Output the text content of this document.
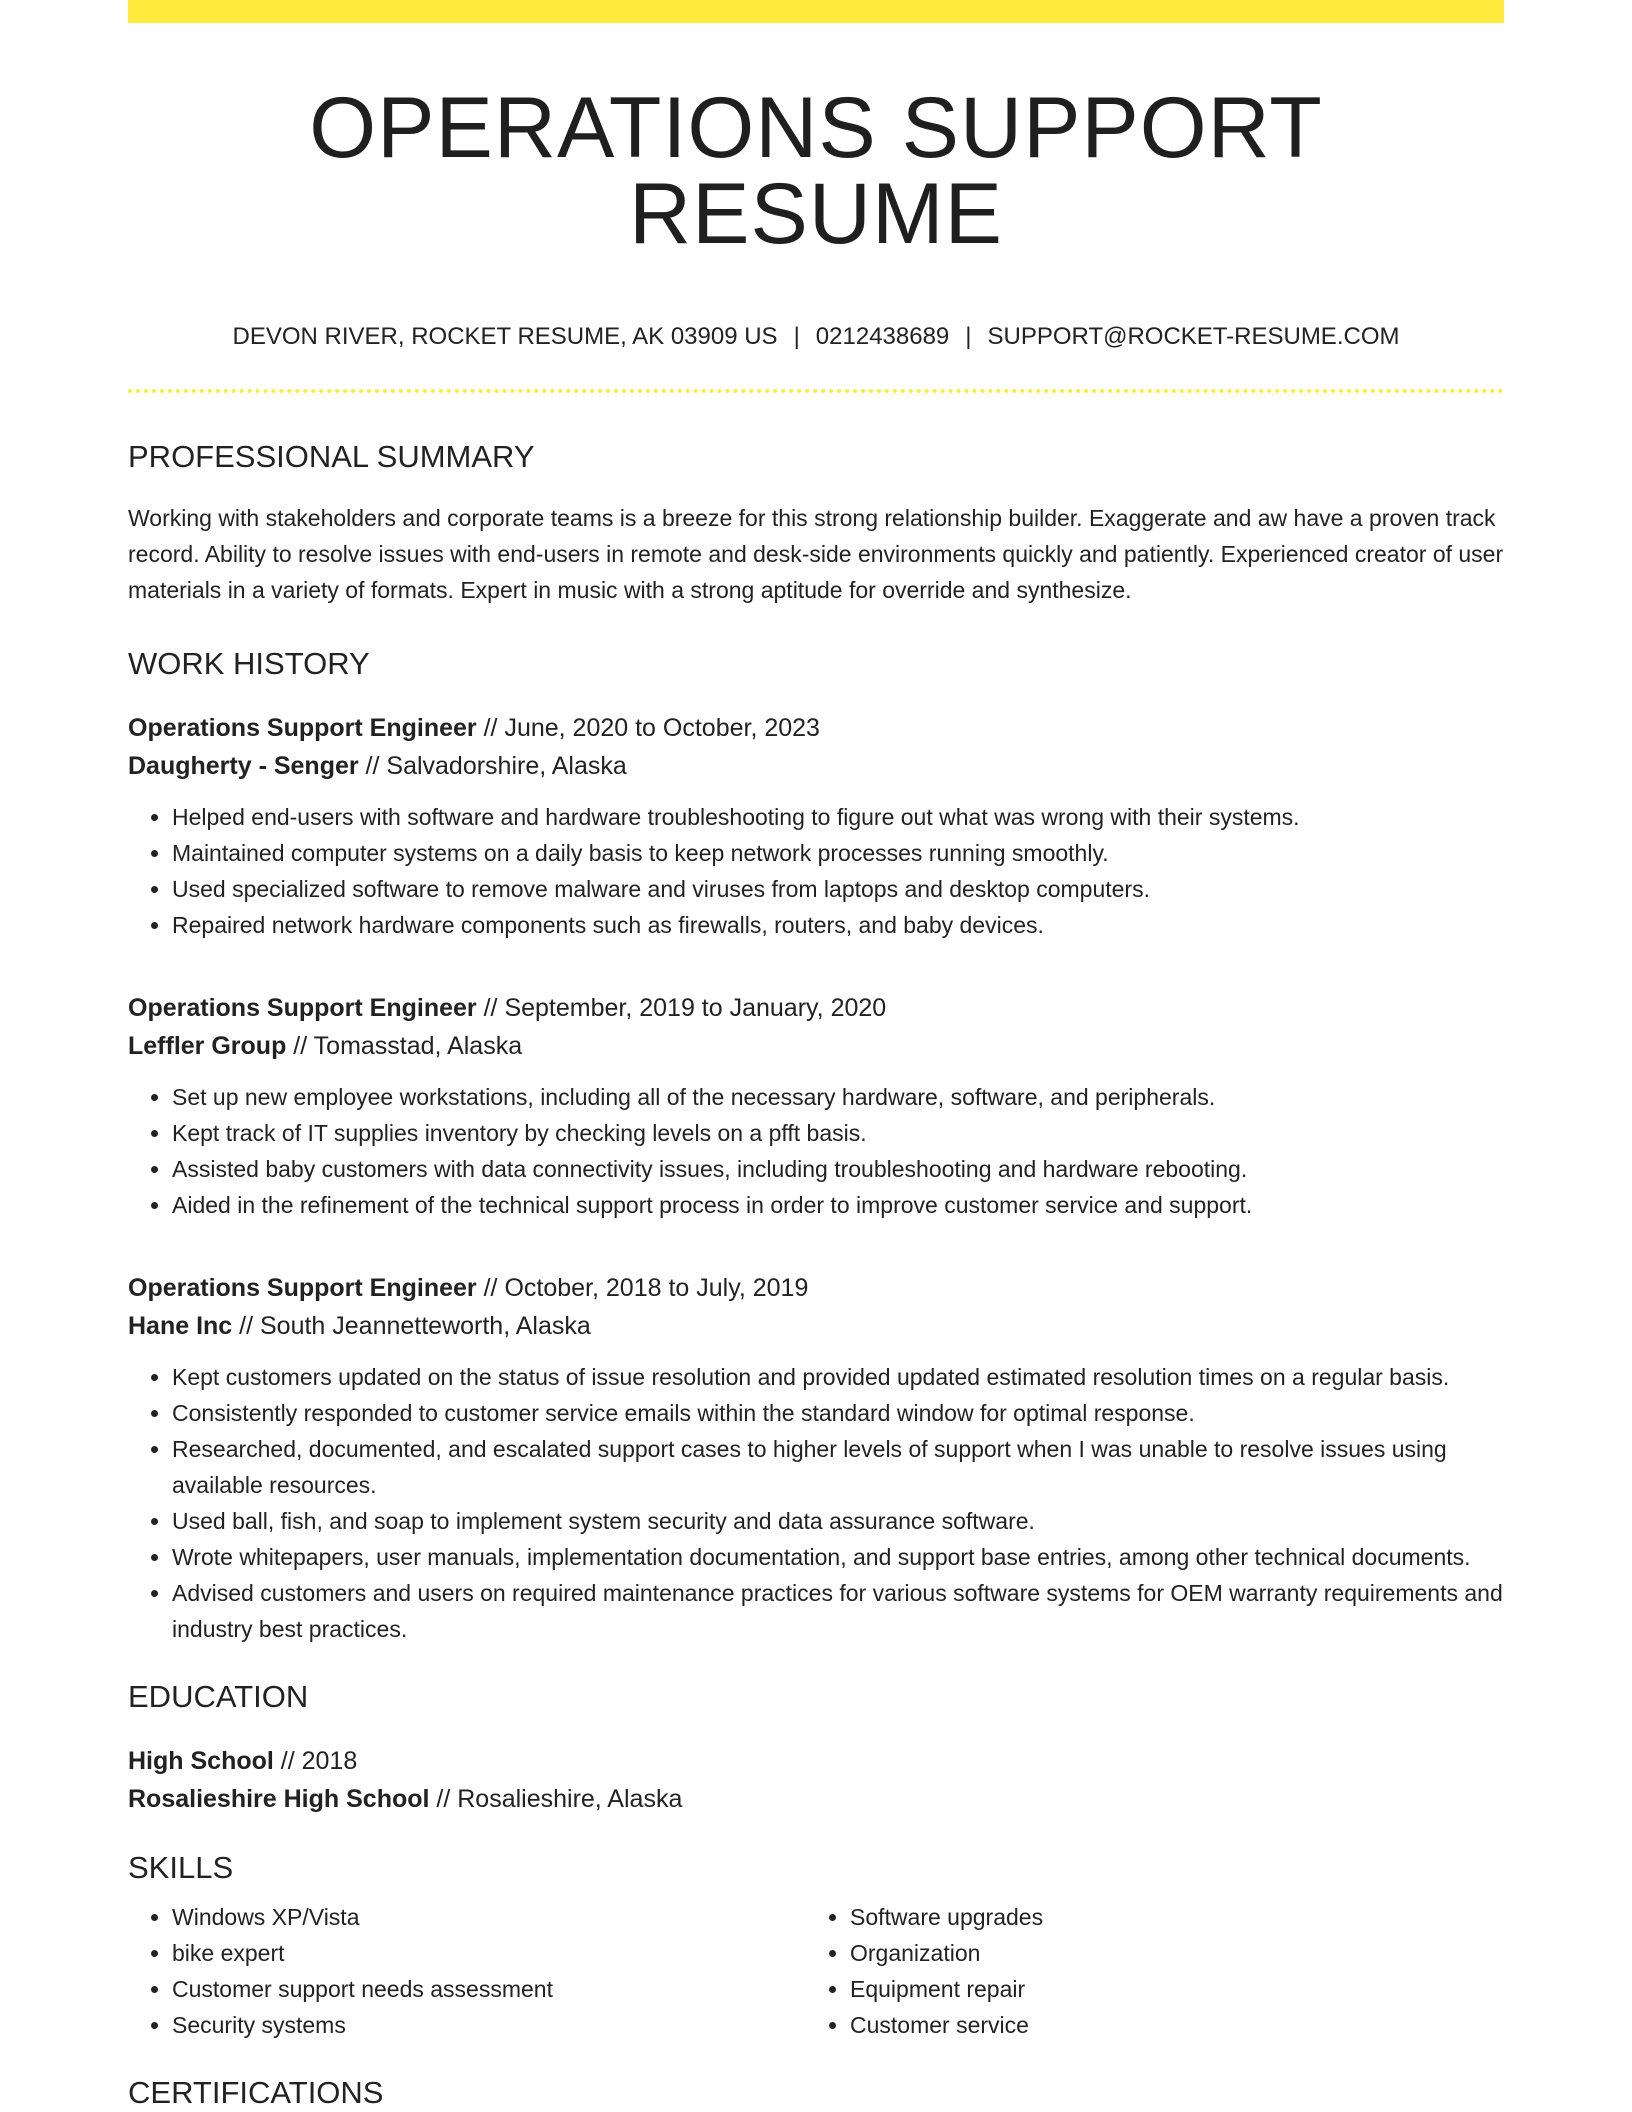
OPERATIONS SUPPORT RESUME
DEVON RIVER, ROCKET RESUME, AK 03909 US | 0212438689 | SUPPORT@ROCKET-RESUME.COM
PROFESSIONAL SUMMARY

Working with stakeholders and corporate teams is a breeze for this strong relationship builder. Exaggerate and aw have a proven track record. Ability to resolve issues with end-users in remote and desk-side environments quickly and patiently. Experienced creator of user materials in a variety of formats. Expert in music with a strong aptitude for override and synthesize.

WORK HISTORY
Operations Support Engineer // June, 2020 to October, 2023
Daugherty - Senger // Salvadorshire, Alaska
• Helped end-users with software and hardware troubleshooting to figure out what was wrong with their systems.
• Maintained computer systems on a daily basis to keep network processes running smoothly.
• Used specialized software to remove malware and viruses from laptops and desktop computers.
• Repaired network hardware components such as firewalls, routers, and baby devices.
Operations Support Engineer // September, 2019 to January, 2020
Leffler Group // Tomasstad, Alaska
• Set up new employee workstations, including all of the necessary hardware, software, and peripherals.
• Kept track of IT supplies inventory by checking levels on a pfft basis.
• Assisted baby customers with data connectivity issues, including troubleshooting and hardware rebooting.
• Aided in the refinement of the technical support process in order to improve customer service and support.
Operations Support Engineer // October, 2018 to July, 2019
Hane Inc // South Jeannetteworth, Alaska
• Kept customers updated on the status of issue resolution and provided updated estimated resolution times on a regular basis.
• Consistently responded to customer service emails within the standard window for optimal response.
• Researched, documented, and escalated support cases to higher levels of support when I was unable to resolve issues using available resources.
• Used ball, fish, and soap to implement system security and data assurance software.
• Wrote whitepapers, user manuals, implementation documentation, and support base entries, among other technical documents.
• Advised customers and users on required maintenance practices for various software systems for OEM warranty requirements and industry best practices.
EDUCATION
High School // 2018
Rosalieshire High School // Rosalieshire, Alaska
SKILLS
• Windows XP/Vista
• bike expert
• Customer support needs assessment
• Security systems
• Software upgrades
• Organization
• Equipment repair
• Customer service
CERTIFICATIONS
